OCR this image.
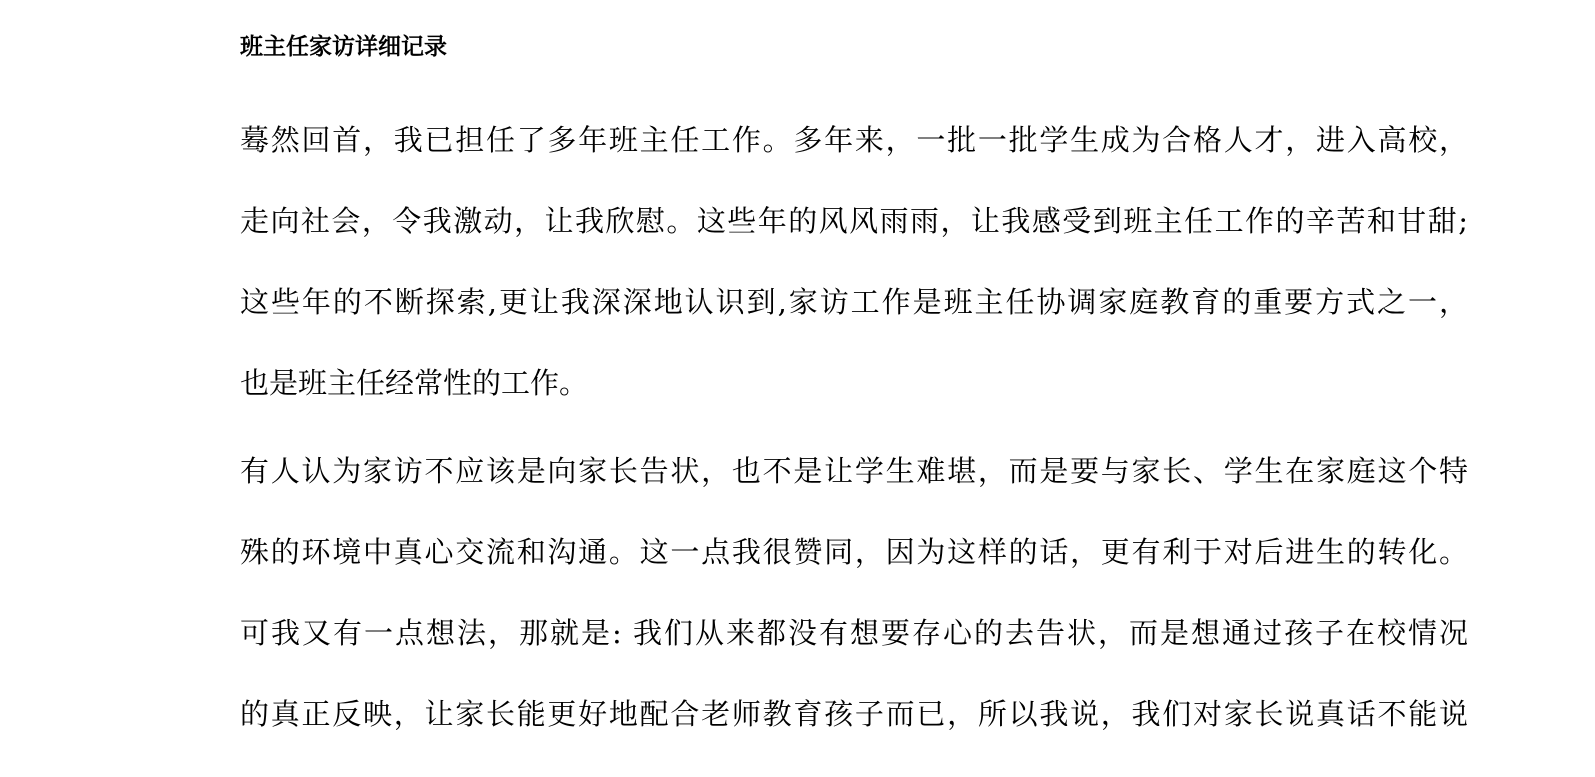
班主任家访详细记录
蓦然回首，我已担任了多年班主任工作。多年来，一批一批学生成为合格人才，进入高校，
走向社会，令我激动，让我欣慰。这些年的风风雨雨，让我感受到班主任工作的辛苦和甘甜;
这些年的不断探索,更让我深深地认识到,家访工作是班主任协调家庭教育的重要方式之一，
也是班主任经常性的工作。
有人认为家访不应该是向家长告状，也不是让学生难堪，而是要与家长、学生在家庭这个特
殊的环境中真心交流和沟通。这一点我很赞同，因为这样的话，更有利于对后进生的转化。
可我又有一点想法，那就是: 我们从来都没有想要存心的去告状，而是想通过孩子在校情况
的真正反映，让家长能更好地配合老师教育孩子而已，所以我说，我们对家长说真话不能说
